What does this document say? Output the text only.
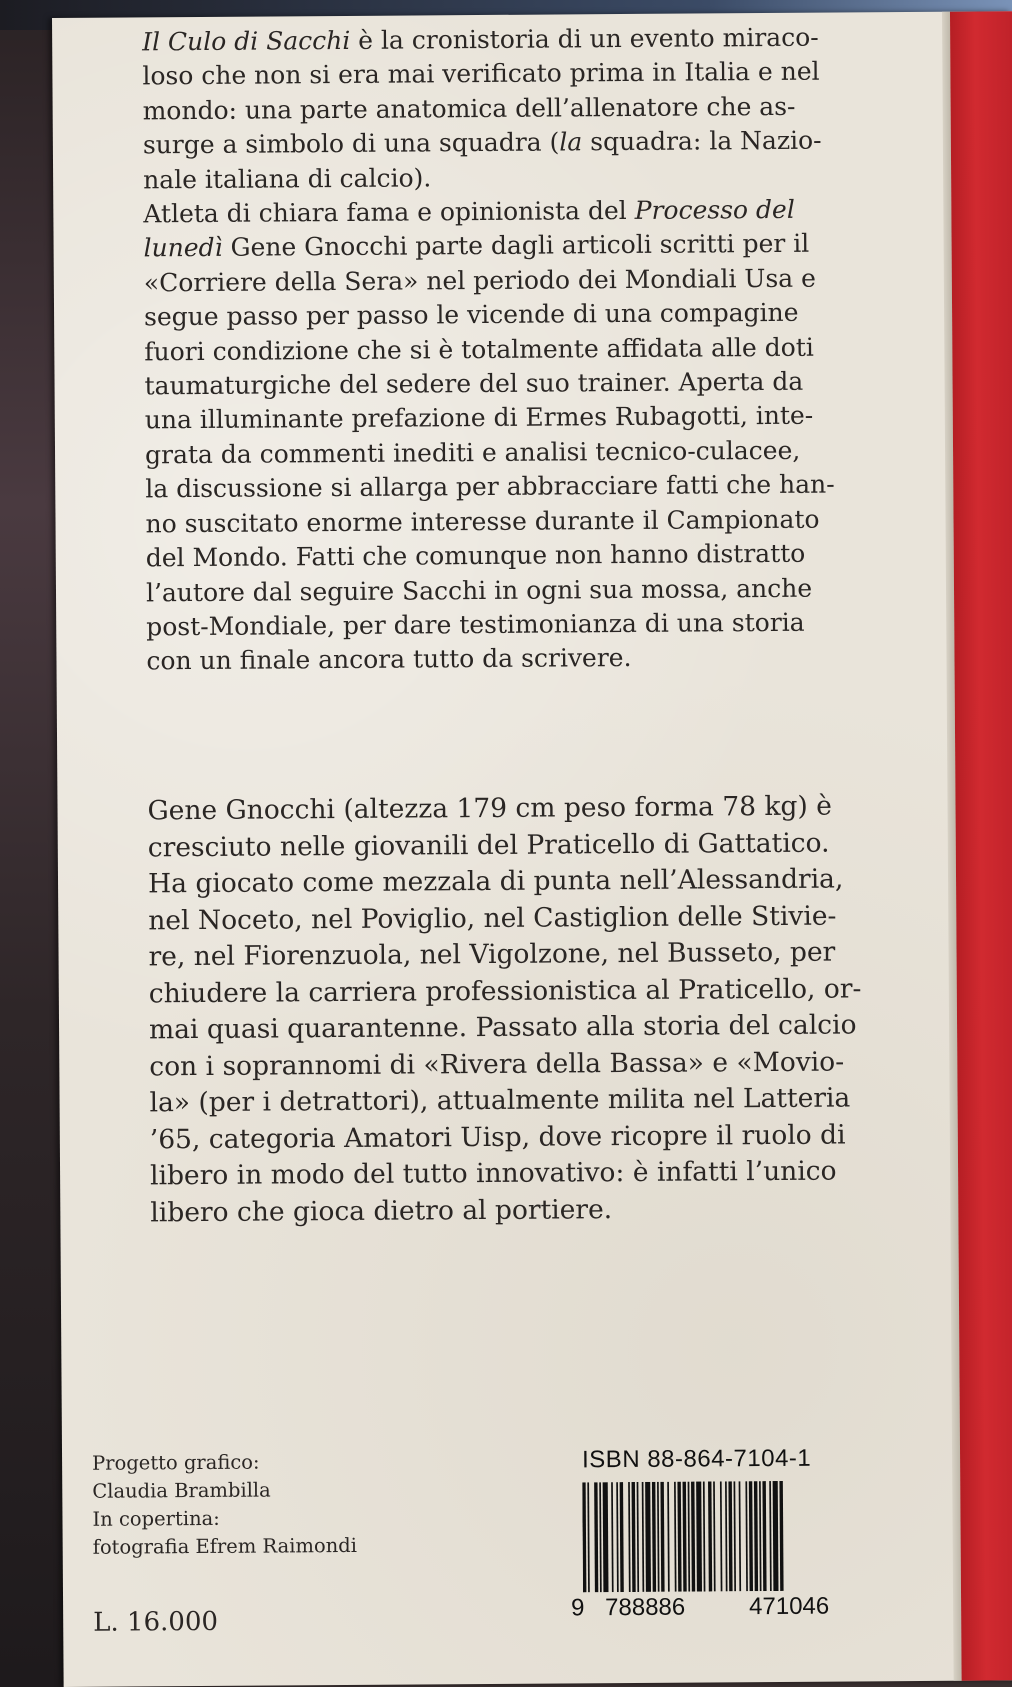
Il Culo di Sacchi è la cronistoria di un evento miraco-

loso che non si era mai verificato prima in Italia e nel

mondo: una parte anatomica dell’allenatore che as-

surge a simbolo di una squadra (la squadra: la Nazio-

nale italiana di calcio).

Atleta di chiara fama e opinionista del Processo del

lunedì Gene Gnocchi parte dagli articoli scritti per il

«Corriere della Sera» nel periodo dei Mondiali Usa e

segue passo per passo le vicende di una compagine

fuori condizione che si è totalmente affidata alle doti

taumaturgiche del sedere del suo trainer. Aperta da

una illuminante prefazione di Ermes Rubagotti, inte-

grata da commenti inediti e analisi tecnico-culacee,

la discussione si allarga per abbracciare fatti che han-

no suscitato enorme interesse durante il Campionato

del Mondo. Fatti che comunque non hanno distratto

l’autore dal seguire Sacchi in ogni sua mossa, anche

post-Mondiale, per dare testimonianza di una storia

con un finale ancora tutto da scrivere.

Gene Gnocchi (altezza 179 cm peso forma 78 kg) è

cresciuto nelle giovanili del Praticello di Gattatico.

Ha giocato come mezzala di punta nell’Alessandria,

nel Noceto, nel Poviglio, nel Castiglion delle Stivie-

re, nel Fiorenzuola, nel Vigolzone, nel Busseto, per

chiudere la carriera professionistica al Praticello, or-

mai quasi quarantenne. Passato alla storia del calcio

con i soprannomi di «Rivera della Bassa» e «Movio-

la» (per i detrattori), attualmente milita nel Latteria

’65, categoria Amatori Uisp, dove ricopre il ruolo di

libero in modo del tutto innovativo: è infatti l’unico

libero che gioca dietro al portiere.

Progetto grafico:
Claudia Brambilla
In copertina:
fotografia Efrem Raimondi
L. 16.000
ISBN 88-864-7104-1
9 788886	471046
